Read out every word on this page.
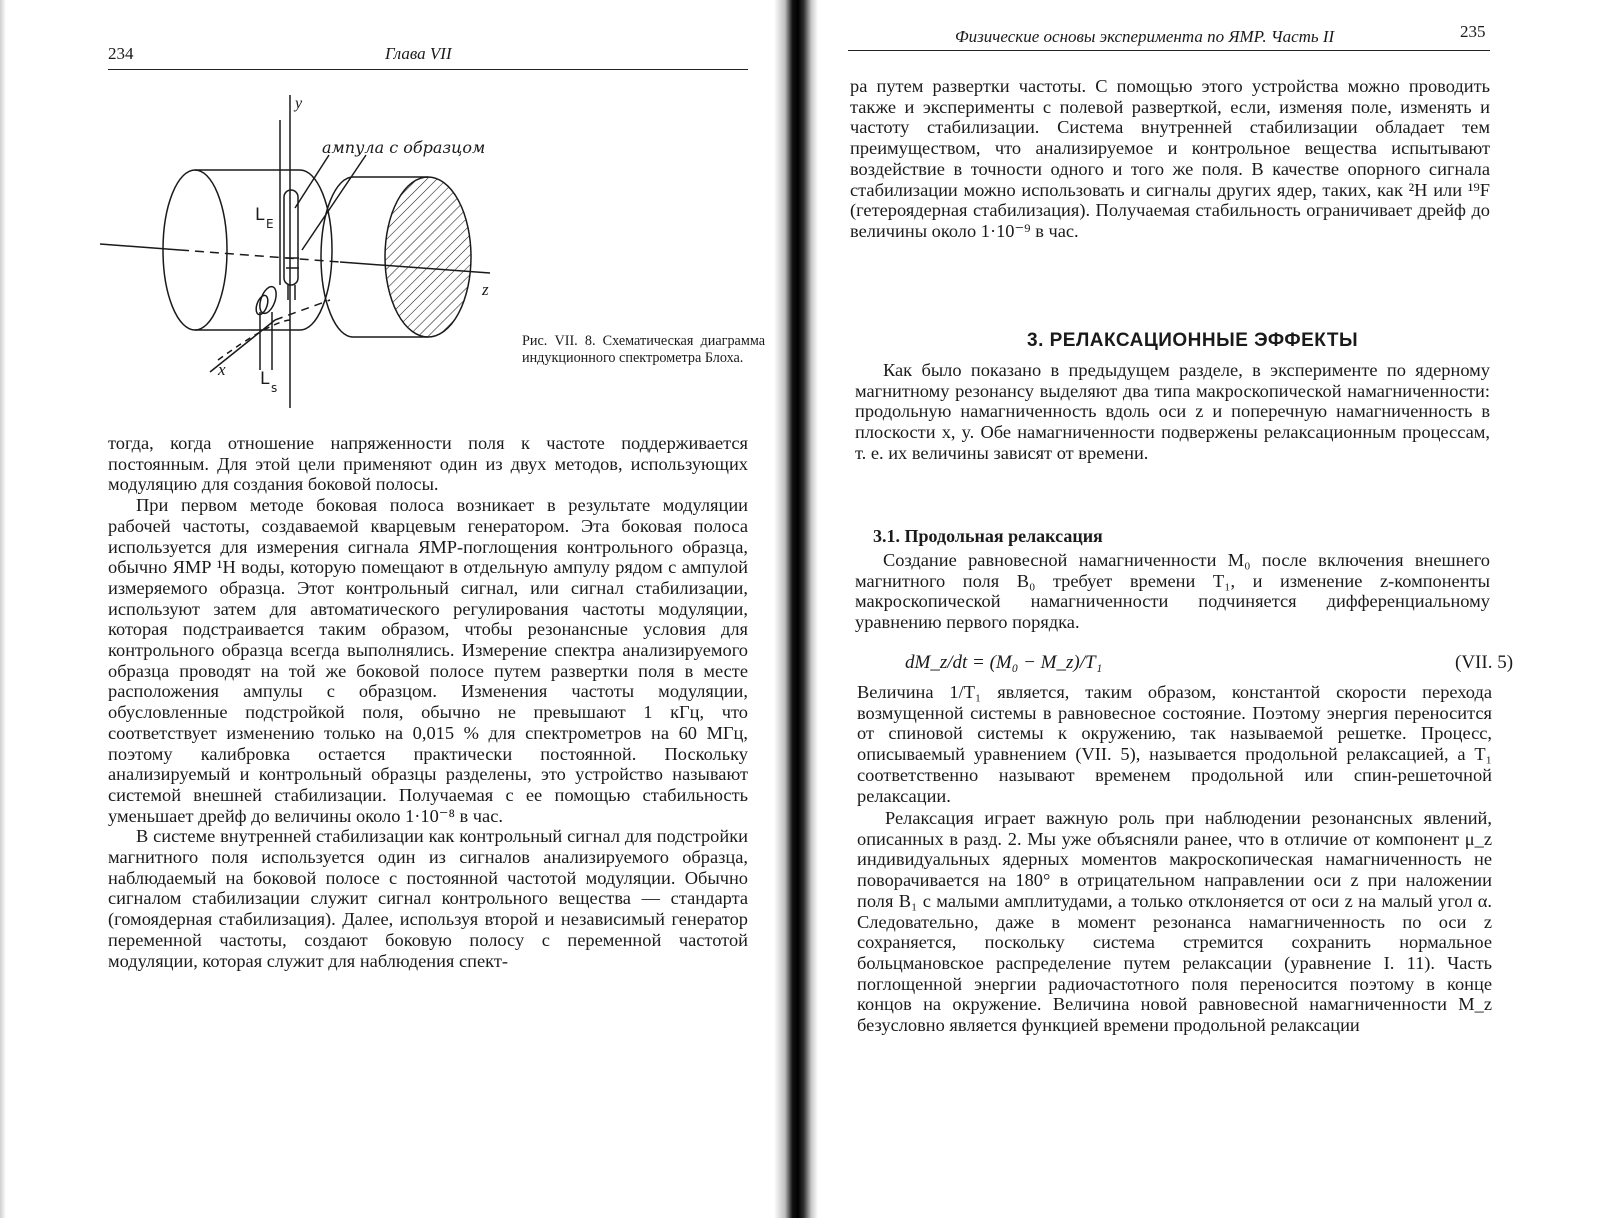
234	Глава VII
y
ампула с образцом
L E
z
x L s
Рис. VII. 8. Схематическая диаграмма индукционного спектрометра Блоха.

тогда, когда отношение напряженности поля к частоте поддерживается постоянным. Для этой цели применяют один из двух методов, использующих модуляцию для создания боковой полосы.

При первом методе боковая полоса возникает в результате модуляции рабочей частоты, создаваемой кварцевым генератором. Эта боковая полоса используется для измерения сигнала ЯМР-поглощения контрольного образца, обычно ЯМР ¹H воды, которую помещают в отдельную ампулу рядом с ампулой измеряемого образца. Этот контрольный сигнал, или сигнал стабилизации, используют затем для автоматического регулирования частоты модуляции, которая подстраивается таким образом, чтобы резонансные условия для контрольного образца всегда выполнялись. Измерение спектра анализируемого образца проводят на той же боковой полосе путем развертки поля в месте расположения ампулы с образцом. Изменения частоты модуляции, обусловленные подстройкой поля, обычно не превышают 1 кГц, что соответствует изменению только на 0,015 % для спектрометров на 60 МГц, поэтому калибровка остается практически постоянной. Поскольку анализируемый и контрольный образцы разделены, это устройство называют системой внешней стабилизации. Получаемая с ее помощью стабильность уменьшает дрейф до величины около 1·10⁻⁸ в час.

В системе внутренней стабилизации как контрольный сигнал для подстройки магнитного поля используется один из сигналов анализируемого образца, наблюдаемый на боковой полосе с постоянной частотой модуляции. Обычно сигналом стабилизации служит сигнал контрольного вещества — стандарта (гомоядерная стабилизация). Далее, используя второй и независимый генератор переменной частоты, создают боковую полосу с переменной частотой модуляции, которая служит для наблюдения спект-

Физические основы эксперимента по ЯМР. Часть II	235
ра путем развертки частоты. С помощью этого устройства можно проводить также и эксперименты с полевой разверткой, если, изменяя поле, изменять и частоту стабилизации. Система внутренней стабилизации обладает тем преимуществом, что анализируемое и контрольное вещества испытывают воздействие в точности одного и того же поля. В качестве опорного сигнала стабилизации можно использовать и сигналы других ядер, таких, как ²H или ¹⁹F (гетероядерная стабилизация). Получаемая стабильность ограничивает дрейф до величины около 1·10⁻⁹ в час.
3. РЕЛАКСАЦИОННЫЕ ЭФФЕКТЫ

Как было показано в предыдущем разделе, в эксперименте по ядерному магнитному резонансу выделяют два типа макроскопической намагниченности: продольную намагниченность вдоль оси z и поперечную намагниченность в плоскости x, y. Обе намагниченности подвержены релаксационным процессам, т. е. их величины зависят от времени.

3.1. Продольная релаксация

Создание равновесной намагниченности M₀ после включения внешнего магнитного поля B₀ требует времени T₁, и изменение z-компоненты макроскопической намагниченности подчиняется дифференциальному уравнению первого порядка.

dM_z/dt = (M₀ − M_z)/T₁	(VII. 5)
Величина 1/T₁ является, таким образом, константой скорости перехода возмущенной системы в равновесное состояние. Поэтому энергия переносится от спиновой системы к окружению, так называемой решетке. Процесс, описываемый уравнением (VII. 5), называется продольной релаксацией, а T₁ соответственно называют временем продольной или спин-решеточной релаксации.

Релаксация играет важную роль при наблюдении резонансных явлений, описанных в разд. 2. Мы уже объясняли ранее, что в отличие от компонент μ_z индивидуальных ядерных моментов макроскопическая намагниченность не поворачивается на 180° в отрицательном направлении оси z при наложении поля B₁ с малыми амплитудами, а только отклоняется от оси z на малый угол α. Следовательно, даже в момент резонанса намагниченность по оси z сохраняется, поскольку система стремится сохранить нормальное больцмановское распределение путем релаксации (уравнение I. 11). Часть поглощенной энергии радиочастотного поля переносится поэтому в конце концов на окружение. Величина новой равновесной намагниченности M_z безусловно является функцией времени продольной релаксации
